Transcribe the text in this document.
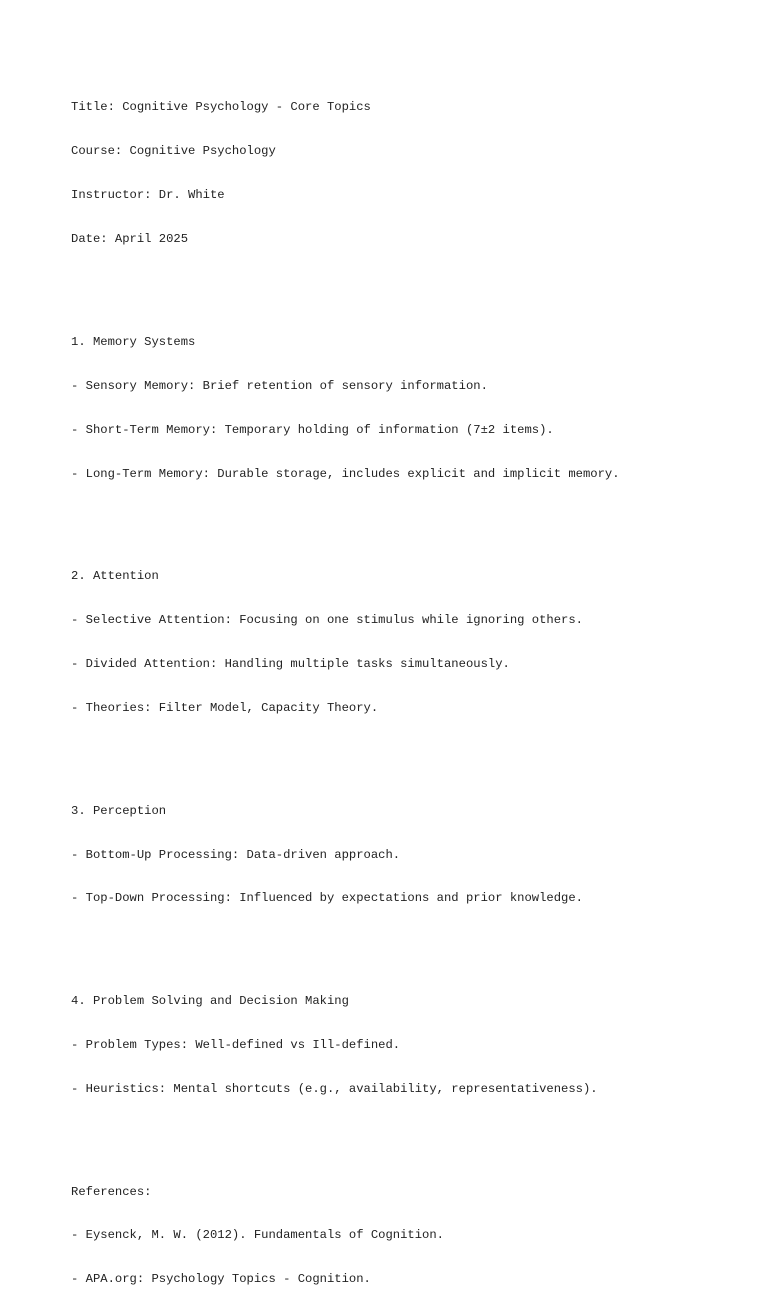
Title: Cognitive Psychology - Core Topics

Course: Cognitive Psychology

Instructor: Dr. White

Date: April 2025

1. Memory Systems

- Sensory Memory: Brief retention of sensory information.

- Short-Term Memory: Temporary holding of information (7±2 items).

- Long-Term Memory: Durable storage, includes explicit and implicit memory.

2. Attention

- Selective Attention: Focusing on one stimulus while ignoring others.

- Divided Attention: Handling multiple tasks simultaneously.

- Theories: Filter Model, Capacity Theory.

3. Perception

- Bottom-Up Processing: Data-driven approach.

- Top-Down Processing: Influenced by expectations and prior knowledge.

4. Problem Solving and Decision Making

- Problem Types: Well-defined vs Ill-defined.

- Heuristics: Mental shortcuts (e.g., availability, representativeness).

References:

- Eysenck, M. W. (2012). Fundamentals of Cognition.

- APA.org: Psychology Topics - Cognition.
